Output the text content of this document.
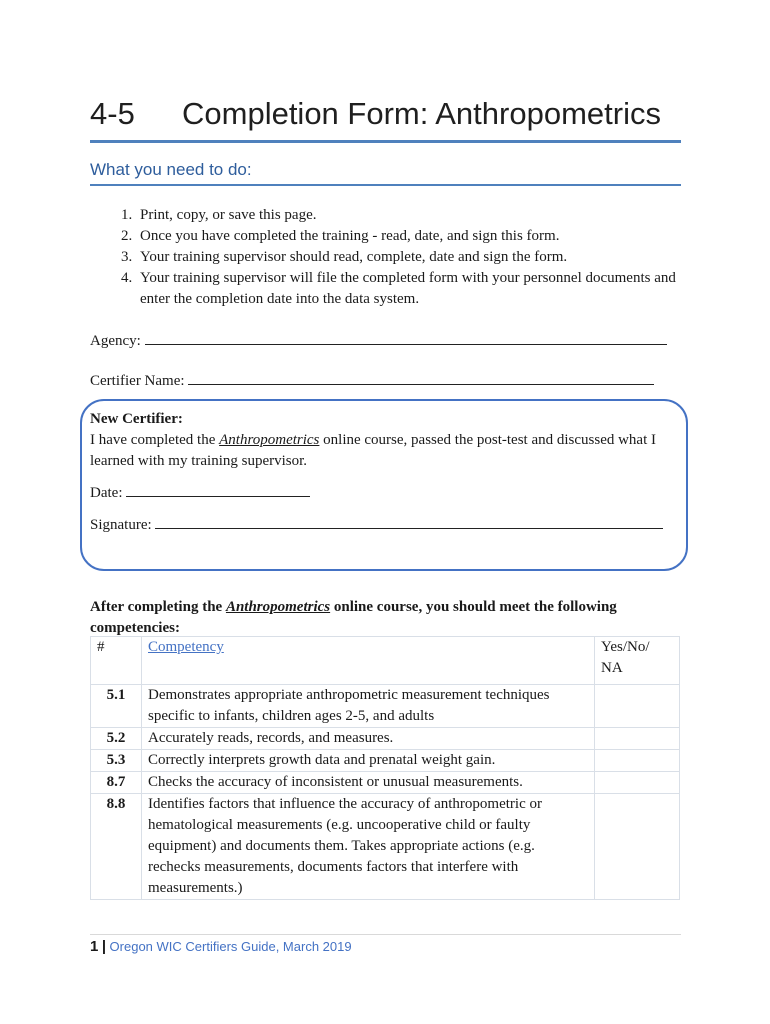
4-5 Completion Form: Anthropometrics
What you need to do:
1. Print, copy, or save this page.
2. Once you have completed the training - read, date, and sign this form.
3. Your training supervisor should read, complete, date and sign the form.
4. Your training supervisor will file the completed form with your personnel documents and enter the completion date into the data system.
Agency:
Certifier Name:
New Certifier:
I have completed the Anthropometrics online course, passed the post-test and discussed what I learned with my training supervisor.
Date:
Signature:
After completing the Anthropometrics online course, you should meet the following competencies:
#	Competency	Yes/No/ NA
5.1	Demonstrates appropriate anthropometric measurement techniques specific to infants, children ages 2-5, and adults	
5.2	Accurately reads, records, and measures.	
5.3	Correctly interprets growth data and prenatal weight gain.	
8.7	Checks the accuracy of inconsistent or unusual measurements.	
8.8	Identifies factors that influence the accuracy of anthropometric or hematological measurements (e.g. uncooperative child or faulty equipment) and documents them. Takes appropriate actions (e.g. rechecks measurements, documents factors that interfere with measurements.)	
1 | Oregon WIC Certifiers Guide, March 2019
